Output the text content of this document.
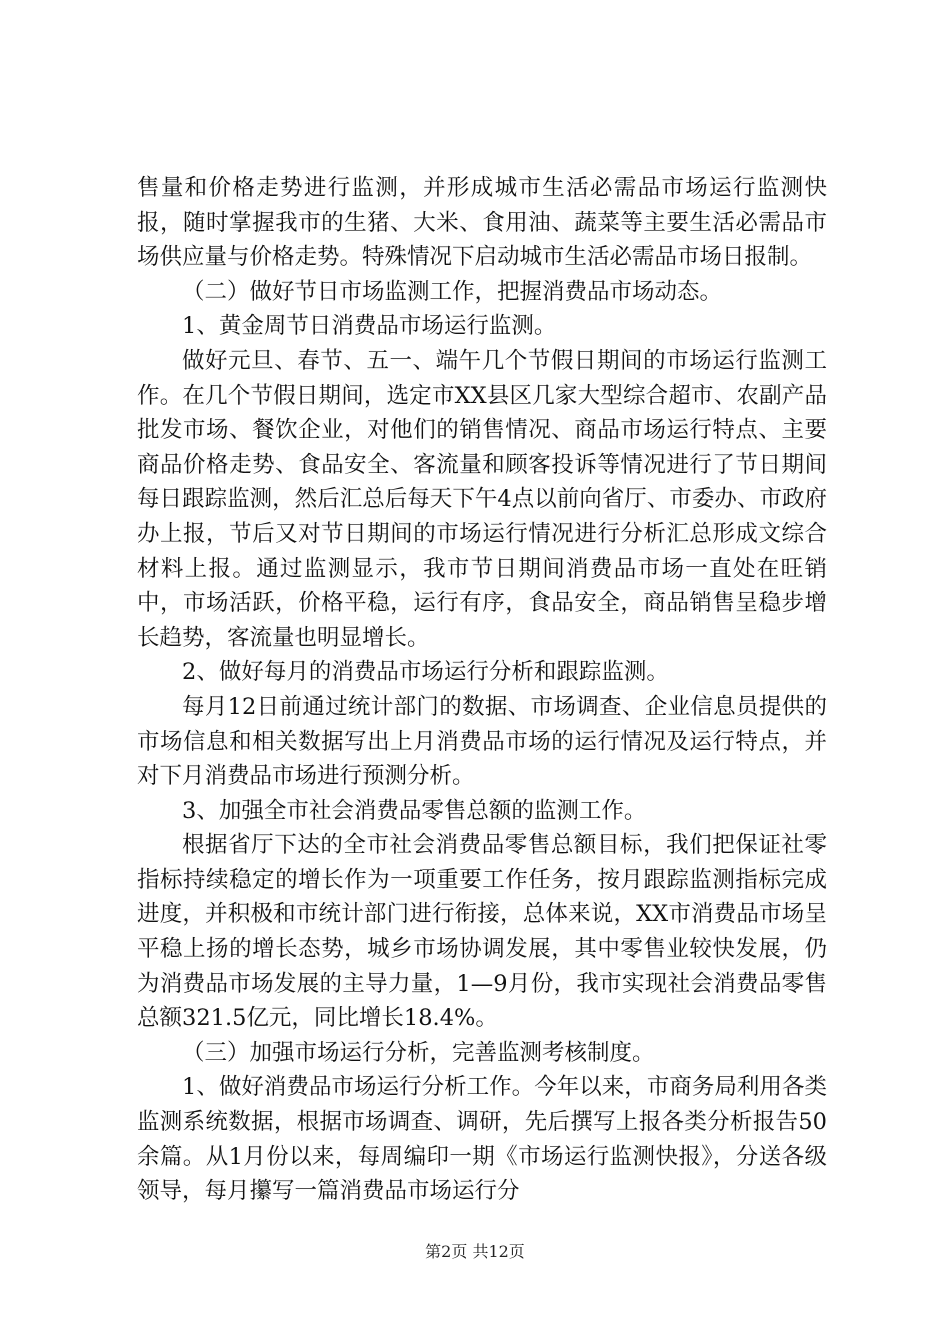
售量和价格走势进行监测，并形成城市生活必需品市场运行监测快报，随时掌握我市的生猪、大米、食用油、蔬菜等主要生活必需品市场供应量与价格走势。特殊情况下启动城市生活必需品市场日报制。

（二）做好节日市场监测工作，把握消费品市场动态。

1、黄金周节日消费品市场运行监测。

做好元旦、春节、五一、端午几个节假日期间的市场运行监测工作。在几个节假日期间，选定市XX县区几家大型综合超市、农副产品批发市场、餐饮企业，对他们的销售情况、商品市场运行特点、主要商品价格走势、食品安全、客流量和顾客投诉等情况进行了节日期间每日跟踪监测，然后汇总后每天下午4点以前向省厅、市委办、市政府办上报，节后又对节日期间的市场运行情况进行分析汇总形成文综合材料上报。通过监测显示，我市节日期间消费品市场一直处在旺销中，市场活跃，价格平稳，运行有序，食品安全，商品销售呈稳步增长趋势，客流量也明显增长。

2、做好每月的消费品市场运行分析和跟踪监测。

每月12日前通过统计部门的数据、市场调查、企业信息员提供的市场信息和相关数据写出上月消费品市场的运行情况及运行特点，并对下月消费品市场进行预测分析。

3、加强全市社会消费品零售总额的监测工作。

根据省厅下达的全市社会消费品零售总额目标，我们把保证社零指标持续稳定的增长作为一项重要工作任务，按月跟踪监测指标完成进度，并积极和市统计部门进行衔接，总体来说，XX市消费品市场呈平稳上扬的增长态势，城乡市场协调发展，其中零售业较快发展，仍为消费品市场发展的主导力量，1—9月份，我市实现社会消费品零售总额321.5亿元，同比增长18.4%。

（三）加强市场运行分析，完善监测考核制度。

1、做好消费品市场运行分析工作。今年以来，市商务局利用各类监测系统数据，根据市场调查、调研，先后撰写上报各类分析报告50余篇。从1月份以来，每周编印一期《市场运行监测快报》，分送各级领导，每月攥写一篇消费品市场运行分

第2页 共12页
